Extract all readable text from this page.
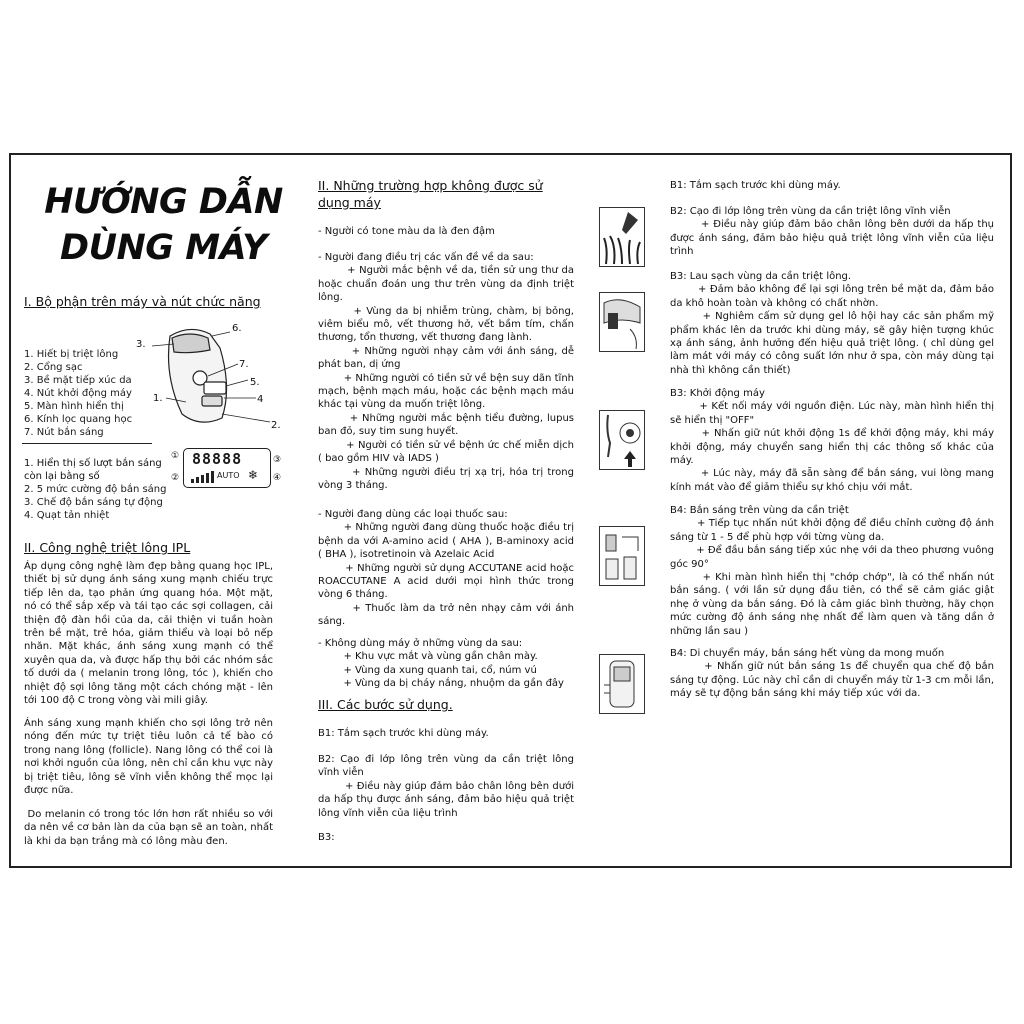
HƯỚNG DẪN
DÙNG MÁY
I. Bộ phận trên máy và nút chức năng
3.
6.
7.
5.
4
1.
2.
1. Hiết bị triệt lông
2. Cổng sạc
3. Bề mặt tiếp xúc da
4. Nút khởi động máy
5. Màn hình hiển thị
6. Kính lọc quang học
7. Nút bắn sáng
88888
AUTO ❄
①
②
③
④
1. Hiển thị số lượt bắn sáng còn lại bằng số
2. 5 mức cường độ bắn sáng
3. Chế độ bắn sáng tự động
4. Quạt tản nhiệt
II. Công nghệ triệt lông IPL
Áp dụng công nghệ làm đẹp bằng quang học IPL, thiết bị sử dụng ánh sáng xung mạnh chiếu trực tiếp lên da, tạo phản ứng quang hóa. Một mặt, nó có thể sắp xếp và tái tạo các sợi collagen, cải thiện độ đàn hồi của da, cải thiện vi tuần hoàn trên bề mặt, trẻ hóa, giảm thiểu và loại bỏ nếp nhăn. Mặt khác, ánh sáng xung mạnh có thể xuyên qua da, và được hấp thụ bởi các nhóm sắc tố dưới da ( melanin trong lông, tóc ), khiến cho nhiệt độ sợi lông tăng một cách chóng mặt - lên tới 100 độ C trong vòng vài mili giây.
Ánh sáng xung mạnh khiến cho sợi lông trở nên nóng đến mức tự triệt tiêu luôn cả tế bào có trong nang lông (follicle). Nang lông có thể coi là nơi khởi nguồn của lông, nên chỉ cần khu vực này bị triệt tiêu, lông sẽ vĩnh viễn không thể mọc lại được nữa.
Do melanin có trong tóc lớn hơn rất nhiều so với da nên về cơ bản làn da của bạn sẽ an toàn, nhất là khi da bạn trắng mà có lông màu đen.
II. Những trường hợp không được sử dụng máy
- Người có tone màu da là đen đậm
- Người đang điều trị các vấn đề về da sau:
+ Người mắc bệnh về da, tiền sử ung thư da hoặc chuẩn đoán ung thư trên vùng da định triệt lông.
+ Vùng da bị nhiễm trùng, chàm, bị bỏng, viêm biểu mô, vết thương hở, vết bầm tím, chấn thương, tổn thương, vết thương đang lành.
+ Những người nhạy cảm với ánh sáng, dễ phát ban, dị ứng
+ Những người có tiền sử về bện suy dãn tĩnh mạch, bệnh mạch máu, hoặc các bệnh mạch máu khác tại vùng da muốn triệt lông.
+ Những người mắc bệnh tiểu đường, lupus ban đỏ, suy tim sung huyết.
+ Người có tiền sử về bệnh ức chế miễn dịch ( bao gồm HIV và IADS )
+ Những người điều trị xạ trị, hóa trị trong vòng 3 tháng.
- Người đang dùng các loại thuốc sau:
+ Những người đang dùng thuốc hoặc điều trị bệnh da với A-amino acid ( AHA ), B-aminoxy acid ( BHA ), isotretinoin và Azelaic Acid
+ Những người sử dụng ACCUTANE acid hoặc ROACCUTANE A acid dưới mọi hình thức trong vòng 6 tháng.
+ Thuốc làm da trở nên nhạy cảm với ánh sáng.
- Không dùng máy ở những vùng da sau:
+ Khu vực mắt và vùng gần chân mày.
+ Vùng da xung quanh tai, cổ, núm vú
+ Vùng da bị cháy nắng, nhuộm da gần đây
III. Các bước sử dụng.
B1: Tắm sạch trước khi dùng máy.
B2: Cạo đi lớp lông trên vùng da cần triệt lông vĩnh viễn
+ Điều này giúp đảm bảo chân lông bên dưới da hấp thụ được ánh sáng, đảm bảo hiệu quả triệt lông vĩnh viễn của liệu trình
B3:
B1: Tắm sạch trước khi dùng máy.
B2: Cạo đi lớp lông trên vùng da cần triệt lông vĩnh viễn
+ Điều này giúp đảm bảo chân lông bên dưới da hấp thụ được ánh sáng, đảm bảo hiệu quả triệt lông vĩnh viễn của liệu trình
B3: Lau sạch vùng da cần triệt lông.
+ Đảm bảo không để lại sợi lông trên bề mặt da, đảm bảo da khô hoàn toàn và không có chất nhờn.
+ Nghiêm cấm sử dụng gel lô hội hay các sản phẩm mỹ phẩm khác lên da trước khi dùng máy, sẽ gây hiện tượng khúc xạ ánh sáng, ảnh hưởng đến hiệu quả triệt lông. ( chỉ dùng gel làm mát với máy có công suất lớn như ở spa, còn máy dùng tại nhà thì không cần thiết)
B3: Khởi động máy
+ Kết nối máy với nguồn điện. Lúc này, màn hình hiển thị sẽ hiển thị "OFF"
+ Nhấn giữ nút khởi động 1s để khởi động máy, khi máy khởi động, máy chuyển sang hiển thị các thông số khác của máy.
+ Lúc này, máy đã sẵn sàng để bắn sáng, vui lòng mang kính mát vào để giảm thiểu sự khó chịu với mắt.
B4: Bắn sáng trên vùng da cần triệt
+ Tiếp tục nhấn nút khởi động để điều chỉnh cường độ ánh sáng từ 1 - 5 để phù hợp với từng vùng da.
+ Để đầu bắn sáng tiếp xúc nhẹ với da theo phương vuông góc 90°
+ Khi màn hình hiển thị "chớp chớp", là có thể nhấn nút bắn sáng. ( với lần sử dụng đầu tiên, có thể sẽ cảm giác giật nhẹ ở vùng da bắn sáng. Đó là cảm giác bình thường, hãy chọn mức cường độ ánh sáng nhẹ nhất để làm quen và tăng dần ở những lần sau )
B4: Di chuyển máy, bắn sáng hết vùng da mong muốn
+ Nhấn giữ nút bắn sáng 1s để chuyển qua chế độ bắn sáng tự động. Lúc này chỉ cần di chuyển máy từ 1-3 cm mỗi lần, máy sẽ tự động bắn sáng khi máy tiếp xúc với da.
